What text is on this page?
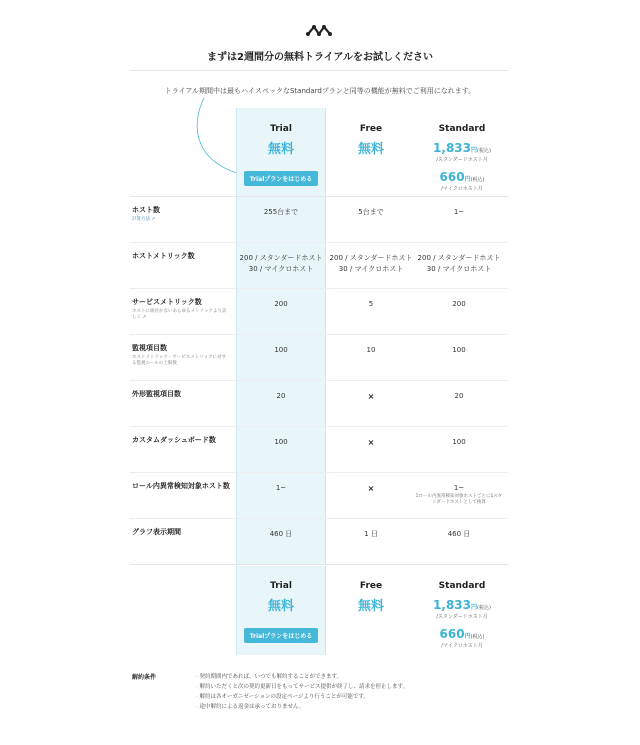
まずは2週間分の無料トライアルをお試しください
トライアル期間中は最もハイスペックなStandardプランと同等の機能が無料でご利用になれます。
Trial
無料
Trialプランをはじめる
Free
無料
Standard
1,833円(税込)
/スタンダードホスト月
660円(税込)
/マイクロホスト月
ホスト数
計算方法 ↗
255台まで	5台まで	1~
ホストメトリック数	200 / スタンダードホスト
30 / マイクロホスト
200 / スタンダードホスト
30 / マイクロホスト
200 / スタンダードホスト
30 / マイクロホスト
サービスメトリック数
ホストに紐付かないあらゆるメトリックより詳しく ↗
200	5	200
監視項目数
ホストメトリック・サービスメトリックに対する監視ルールの上限数
100	10	100
外形監視項目数	20	×	20
カスタムダッシュボード数	100	×	100
ロール内異常検知対象ホスト数	1~	×	1~
1ロール内異常検知対象ホストごとに1スタンダードホストとして換算
グラフ表示期間	460 日	1 日	460 日
Trial
無料
Trialプランをはじめる
Free
無料
Standard
1,833円(税込)
/スタンダードホスト月
660円(税込)
/マイクロホスト月
解約条件
·	契約期間内であれば、いつでも解約することができます。
· 解約いただくと次の契約更新日をもってサービス提供が終了し、請求を停止します。
· 解約は各オーガニゼーションの設定ページより行うことが可能です。
· 途中解約による返金は承っておりません。
